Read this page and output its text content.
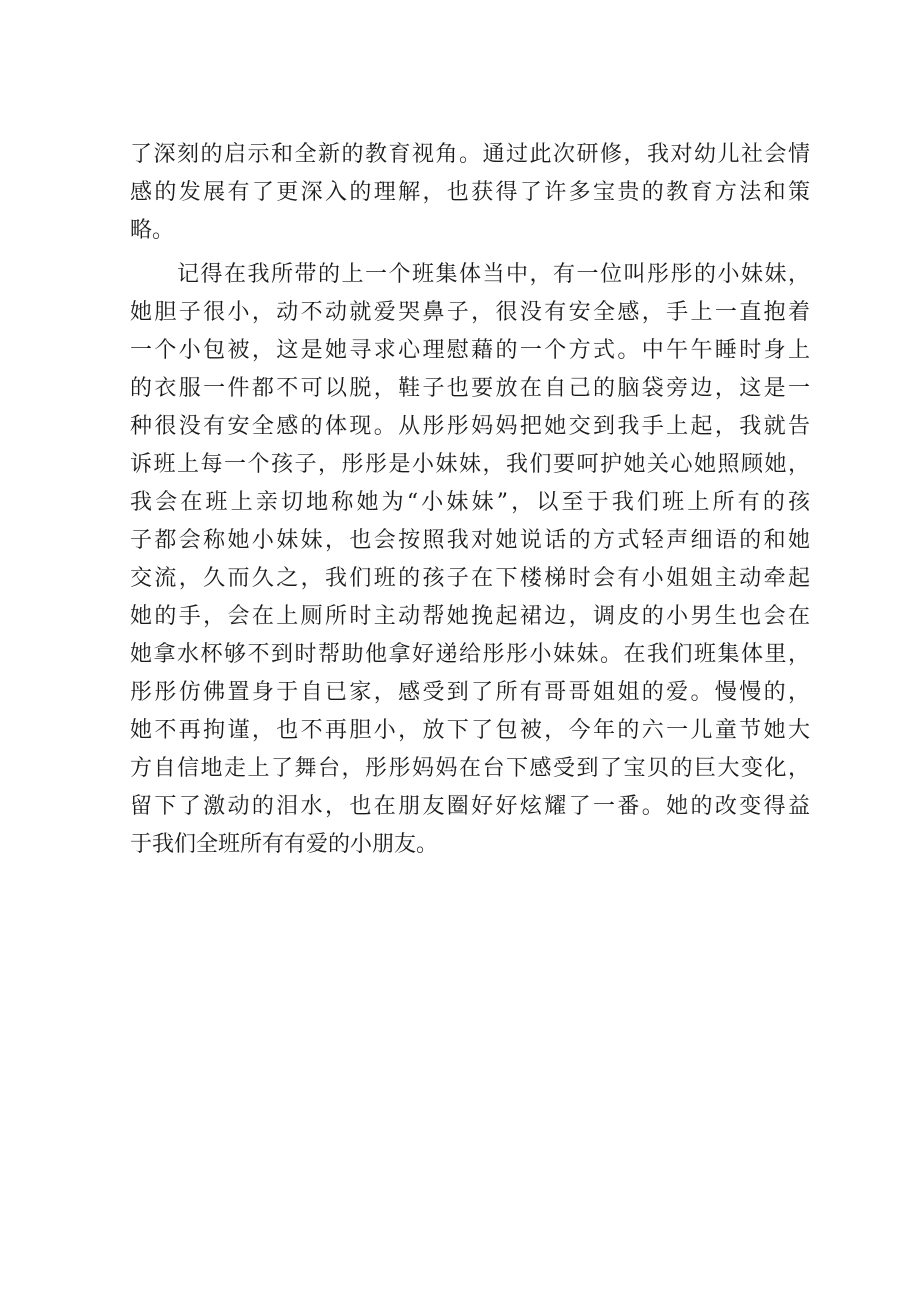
了深刻的启示和全新的教育视角。通过此次研修，我对幼儿社会情
感的发展有了更深入的理解，也获得了许多宝贵的教育方法和策
略。
　　记得在我所带的上一个班集体当中，有一位叫彤彤的小妹妹，
她胆子很小，动不动就爱哭鼻子，很没有安全感，手上一直抱着
一个小包被，这是她寻求心理慰藉的一个方式。中午午睡时身上
的衣服一件都不可以脱，鞋子也要放在自己的脑袋旁边，这是一
种很没有安全感的体现。从彤彤妈妈把她交到我手上起，我就告
诉班上每一个孩子，彤彤是小妹妹，我们要呵护她关心她照顾她，
我会在班上亲切地称她为“小妹妹”，以至于我们班上所有的孩
子都会称她小妹妹，也会按照我对她说话的方式轻声细语的和她
交流，久而久之，我们班的孩子在下楼梯时会有小姐姐主动牵起
她的手，会在上厕所时主动帮她挽起裙边，调皮的小男生也会在
她拿水杯够不到时帮助他拿好递给彤彤小妹妹。在我们班集体里，
彤彤仿佛置身于自已家，感受到了所有哥哥姐姐的爱。慢慢的，
她不再拘谨，也不再胆小，放下了包被，今年的六一儿童节她大
方自信地走上了舞台，彤彤妈妈在台下感受到了宝贝的巨大变化，
留下了激动的泪水，也在朋友圈好好炫耀了一番。她的改变得益
于我们全班所有有爱的小朋友。
